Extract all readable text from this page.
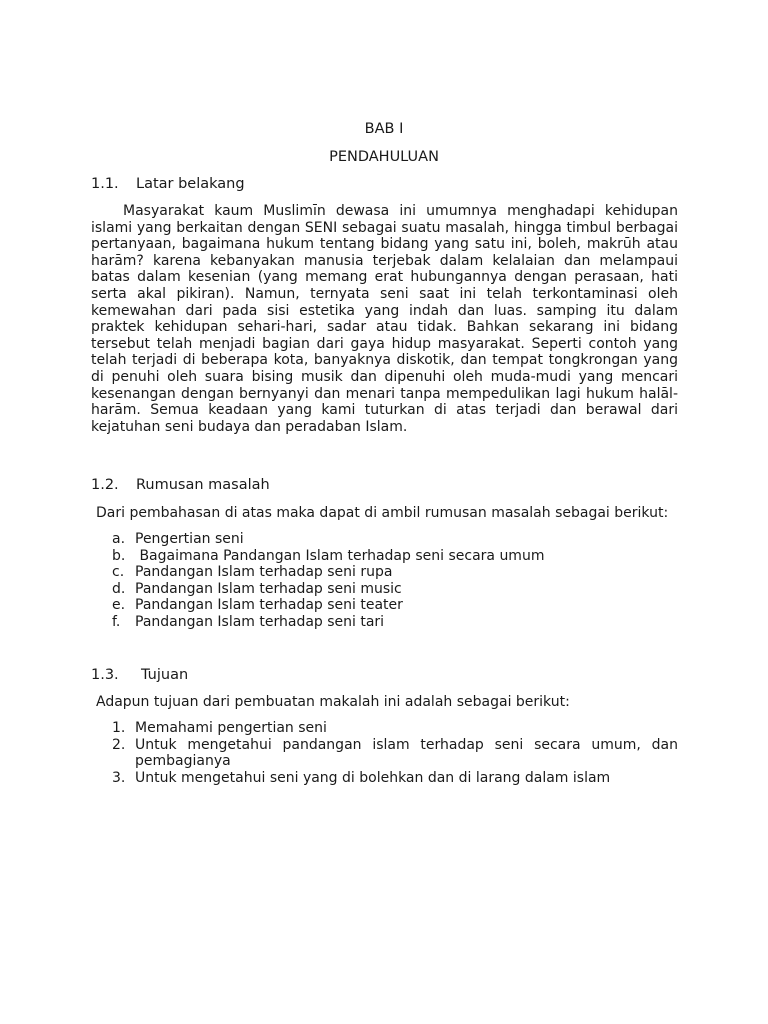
BAB I
PENDAHULUAN
1.1. Latar belakang

Masyarakat kaum Muslimīn dewasa ini umumnya menghadapi kehidupan islami yang berkaitan dengan SENI sebagai suatu masalah, hingga timbul berbagai pertanyaan, bagaimana hukum tentang bidang yang satu ini, boleh, makrūh atau harām? karena kebanyakan manusia terjebak dalam kelalaian dan melampaui batas dalam kesenian (yang memang erat hubungannya dengan perasaan, hati serta akal pikiran). Namun, ternyata seni saat ini telah terkontaminasi oleh kemewahan dari pada sisi estetika yang indah dan luas. samping itu dalam praktek kehidupan sehari-hari, sadar atau tidak. Bahkan sekarang ini bidang tersebut telah menjadi bagian dari gaya hidup masyarakat. Seperti contoh yang telah terjadi di beberapa kota, banyaknya diskotik, dan tempat tongkrongan yang di penuhi oleh suara bising musik dan dipenuhi oleh muda-mudi yang mencari kesenangan dengan bernyanyi dan menari tanpa mempedulikan lagi hukum halāl-harām. Semua keadaan yang kami tuturkan di atas terjadi dan berawal dari kejatuhan seni budaya dan peradaban Islam.

1.2. Rumusan masalah
Dari pembahasan di atas maka dapat di ambil rumusan masalah sebagai berikut:
a. Pengertian seni
b. Bagaimana Pandangan Islam terhadap seni secara umum
c. Pandangan Islam terhadap seni rupa
d. Pandangan Islam terhadap seni music
e. Pandangan Islam terhadap seni teater
f. Pandangan Islam terhadap seni tari
1.3. Tujuan
Adapun tujuan dari pembuatan makalah ini adalah sebagai berikut:
1. Memahami pengertian seni
2. Untuk mengetahui pandangan islam terhadap seni secara umum, dan pembagianya
3. Untuk mengetahui seni yang di bolehkan dan di larang dalam islam
